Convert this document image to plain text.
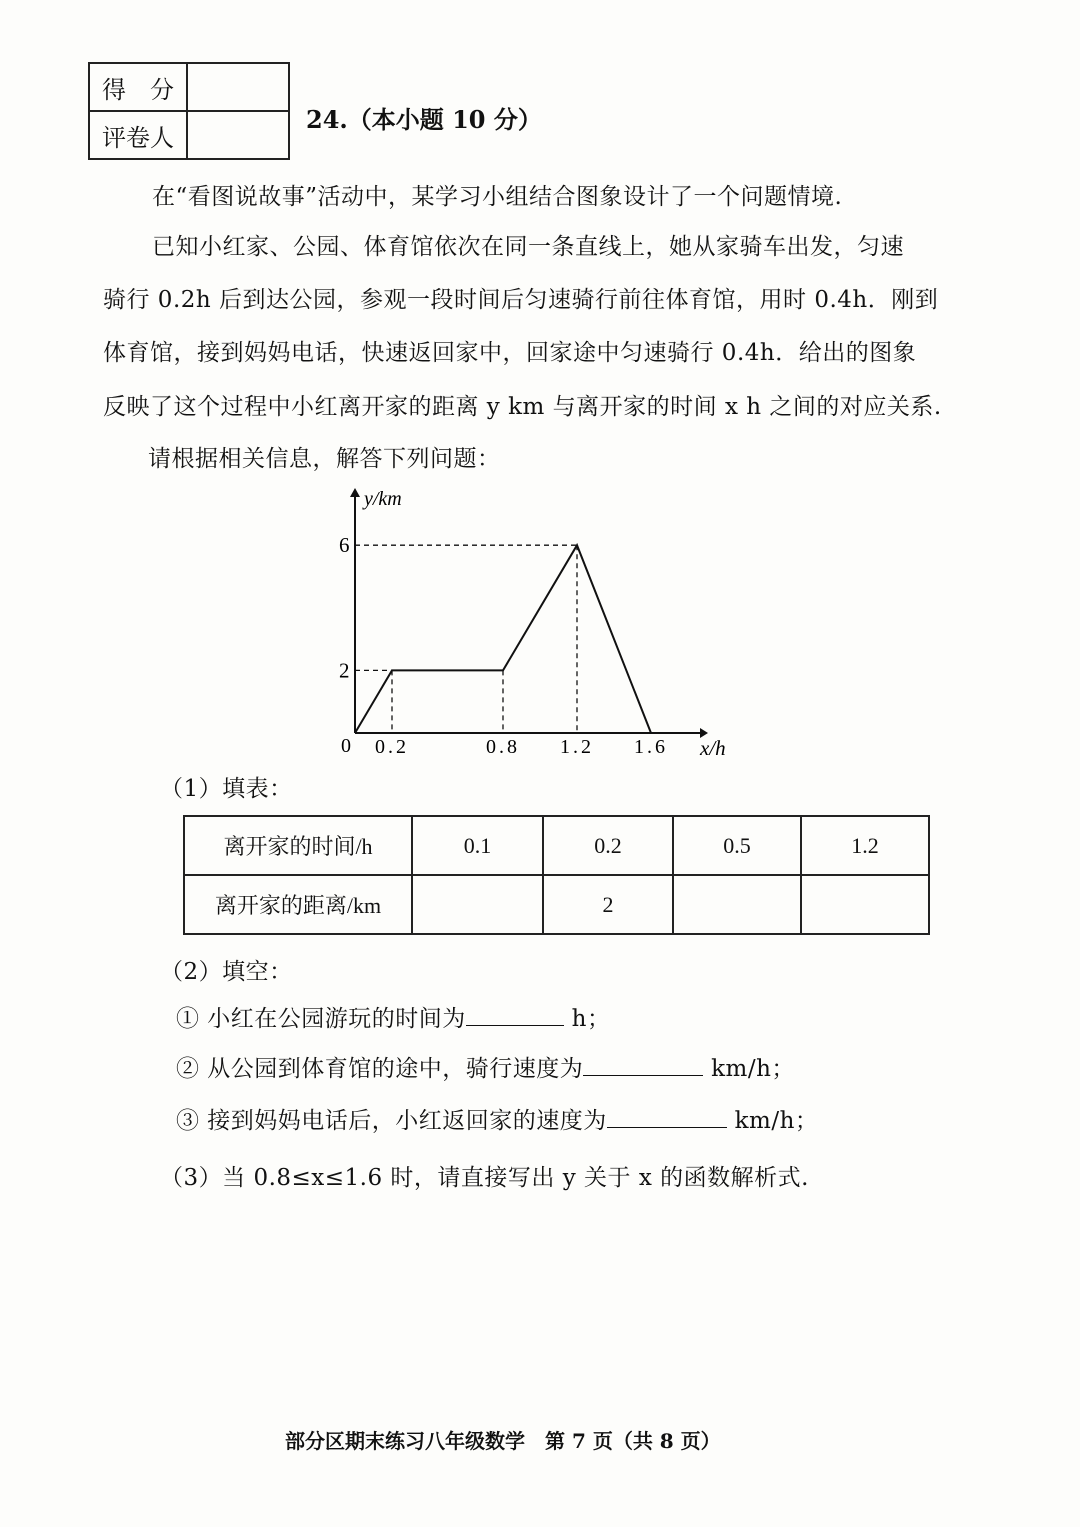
得　分	
评卷人	
24.（本小题 10 分）
在“看图说故事”活动中，某学习小组结合图象设计了一个问题情境.
已知小红家、公园、体育馆依次在同一条直线上，她从家骑车出发，匀速
骑行 0.2h 后到达公园，参观一段时间后匀速骑行前往体育馆，用时 0.4h．刚到
体育馆，接到妈妈电话，快速返回家中，回家途中匀速骑行 0.4h．给出的图象
反映了这个过程中小红离开家的距离 y km 与离开家的时间 x h 之间的对应关系.
请根据相关信息，解答下列问题：
2
6
0.2	0.8 1.2 1.6
0	x/h
y/km
（1）填表：
离开家的时间/h	0.1	0.2	0.5	1.2
离开家的距离/km		2		
（2）填空：
① 小红在公园游玩的时间为	h；
② 从公园到体育馆的途中，骑行速度为	km/h；
③ 接到妈妈电话后，小红返回家的速度为	km/h；
（3）当 0.8≤x≤1.6 时，请直接写出 y 关于 x 的函数解析式.
部分区期末练习八年级数学　第 7 页（共 8 页）
